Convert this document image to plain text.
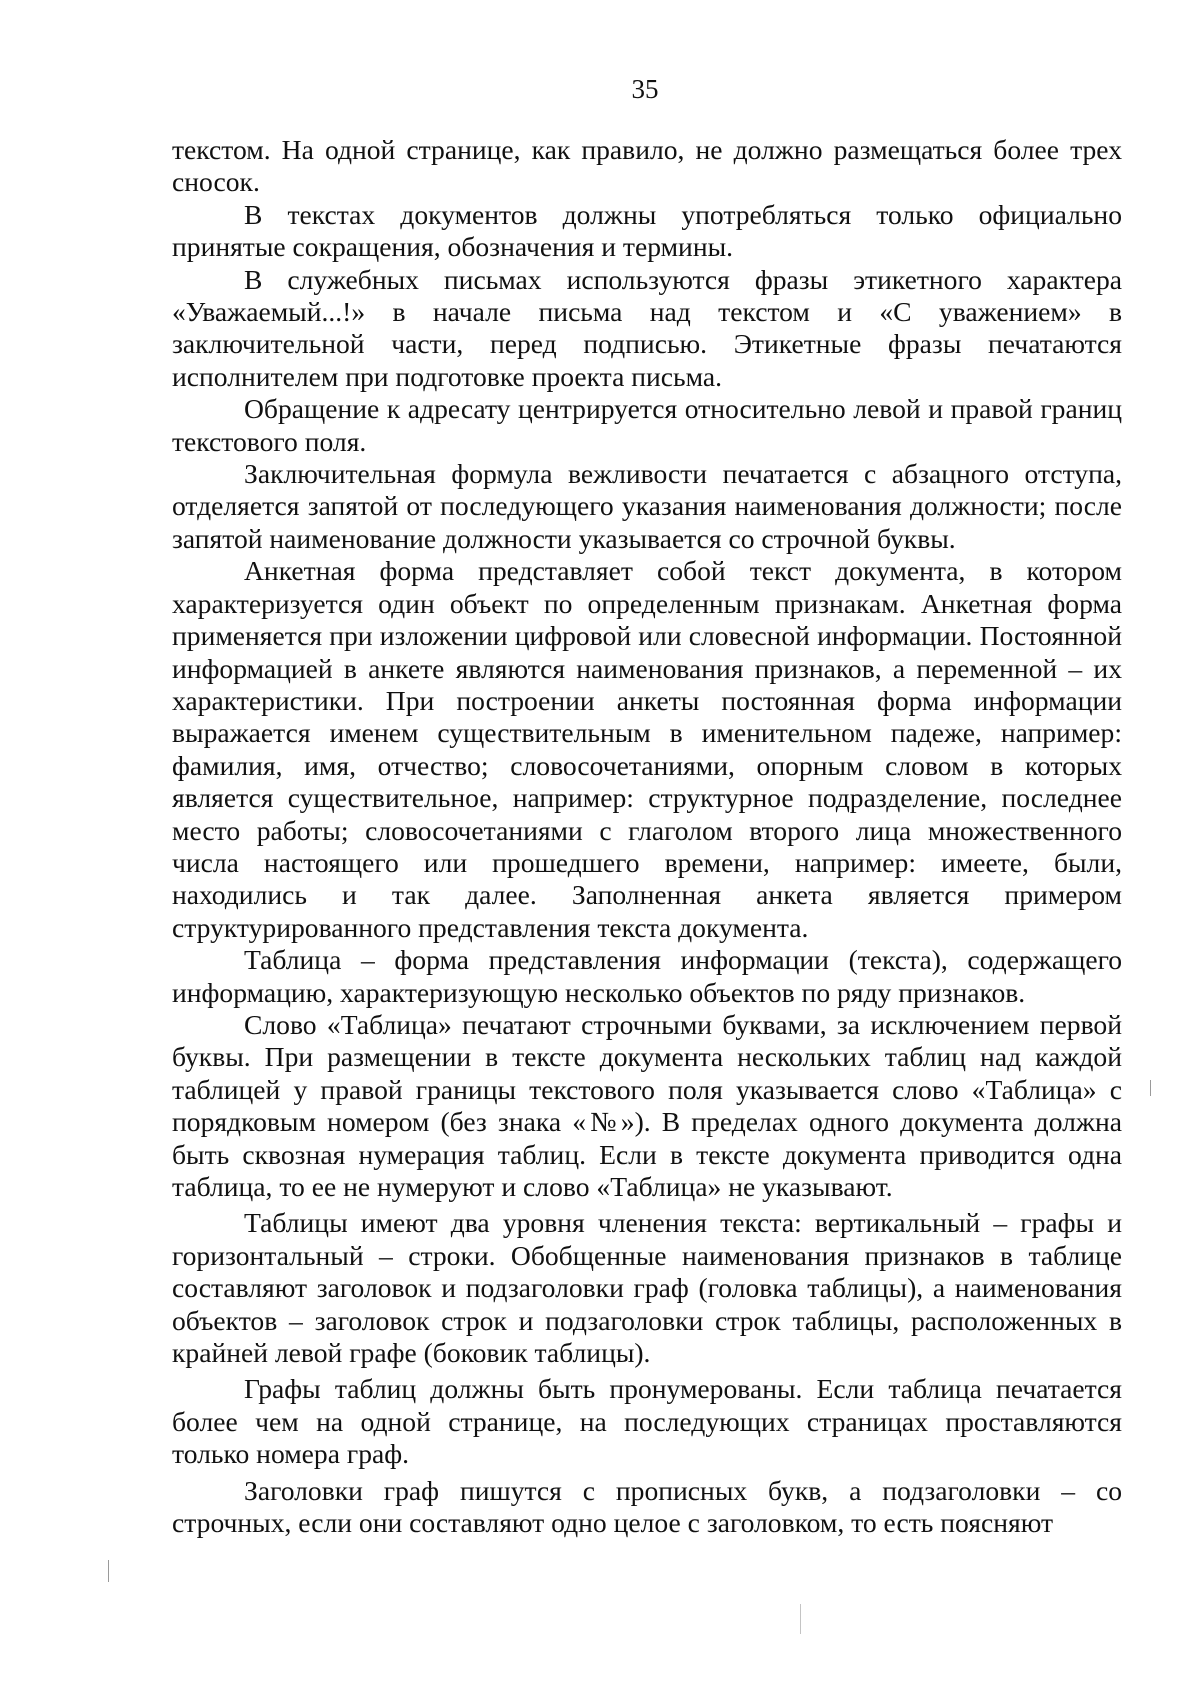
35

текстом. На одной странице, как правило, не должно размещаться более трех сносок.

В текстах документов должны употребляться только официально принятые сокращения, обозначения и термины.

В служебных письмах используются фразы этикетного характера «Уважаемый...!» в начале письма над текстом и «С уважением» в заключительной части, перед подписью. Этикетные фразы печатаются исполнителем при подготовке проекта письма.

Обращение к адресату центрируется относительно левой и правой границ текстового поля.

Заключительная формула вежливости печатается с абзацного отступа, отделяется запятой от последующего указания наименования должности; после запятой наименование должности указывается со строчной буквы.

Анкетная форма представляет собой текст документа, в котором характеризуется один объект по определенным признакам. Анкетная форма применяется при изложении цифровой или словесной информации. Постоянной информацией в анкете являются наименования признаков, а переменной – их характеристики. При построении анкеты постоянная форма информации выражается именем существительным в именительном падеже, например: фамилия, имя, отчество; словосочетаниями, опорным словом в которых является существительное, например: структурное подразделение, последнее место работы; словосочетаниями с глаголом второго лица множественного числа настоящего или прошедшего времени, например: имеете, были, находились и так далее. Заполненная анкета является примером структурированного представления текста документа.

Таблица – форма представления информации (текста), содержащего информацию, характеризующую несколько объектов по ряду признаков.

Слово «Таблица» печатают строчными буквами, за исключением первой буквы. При размещении в тексте документа нескольких таблиц над каждой таблицей у правой границы текстового поля указывается слово «Таблица» с порядковым номером (без знака «№»). В пределах одного документа должна быть сквозная нумерация таблиц. Если в тексте документа приводится одна таблица, то ее не нумеруют и слово «Таблица» не указывают.

Таблицы имеют два уровня членения текста: вертикальный – графы и горизонтальный – строки. Обобщенные наименования признаков в таблице составляют заголовок и подзаголовки граф (головка таблицы), а наименования объектов – заголовок строк и подзаголовки строк таблицы, расположенных в крайней левой графе (боковик таблицы).

Графы таблиц должны быть пронумерованы. Если таблица печатается более чем на одной странице, на последующих страницах проставляются только номера граф.

Заголовки граф пишутся с прописных букв, а подзаголовки – со строчных, если они составляют одно целое с заголовком, то есть поясняют
